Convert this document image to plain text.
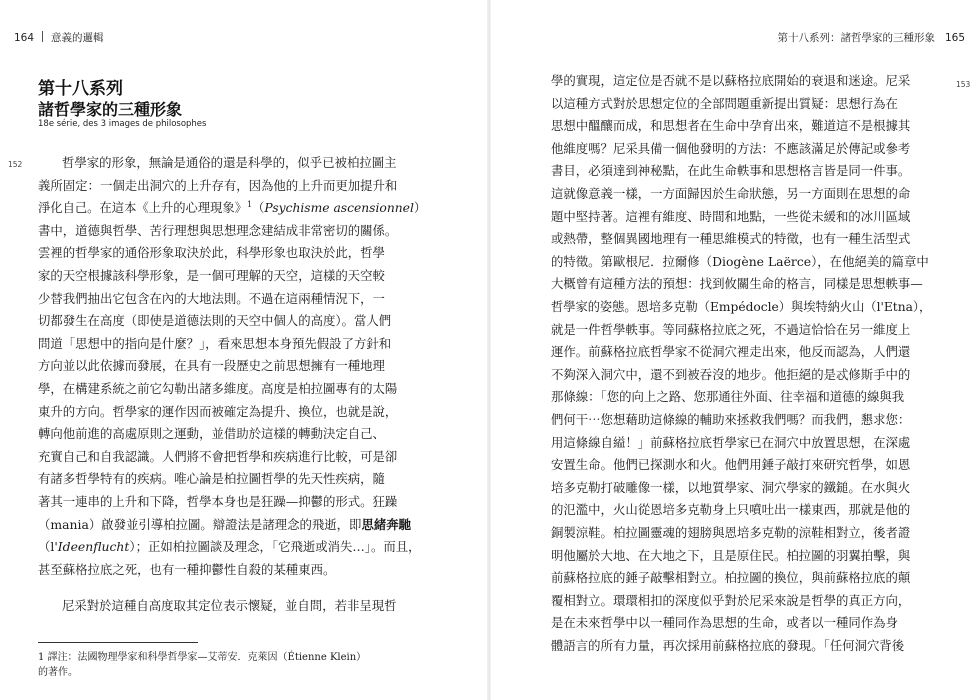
164 意義的邏輯
第十八系列
諸哲學家的三種形象
18e série, des 3 images de philosophes
152	哲學家的形象，無論是通俗的還是科學的，似乎已被柏拉圖主
義所固定：一個走出洞穴的上升存有，因為他的上升而更加提升和
淨化自己。在這本《上升的心理現象》$^1$（Psychisme ascensionnel）
書中，道德與哲學、苦行理想與思想理念建結成非常密切的關係。
雲裡的哲學家的通俗形象取決於此，科學形象也取決於此，哲學
家的天空根據該科學形象，是一個可理解的天空，這樣的天空較
少替我們抽出它包含在內的大地法則。不過在這兩種情況下，一
切都發生在高度（即使是道德法則的天空中個人的高度）。當人們
問道「思想中的指向是什麼？」，看來思想本身預先假設了方針和
方向並以此依據而發展，在具有一段歷史之前思想擁有一種地理
學，在構建系統之前它勾勒出諸多維度。高度是柏拉圖專有的太陽
東升的方向。哲學家的運作因而被確定為提升、換位，也就是說，
轉向他前進的高處原則之運動，並借助於這樣的轉動決定自己、
充實自己和自我認識。人們將不會把哲學和疾病進行比較，可是卻
有諸多哲學特有的疾病。唯心論是柏拉圖哲學的先天性疾病，隨
著其一連串的上升和下降，哲學本身也是狂躁—抑鬱的形式。狂躁
（mania）啟發並引導柏拉圖。辯證法是諸理念的飛逝，即思緒奔馳
（l'Ideenflucht）；正如柏拉圖談及理念，「它飛逝或消失…」。而且，
甚至蘇格拉底之死，也有一種抑鬱性自殺的某種東西。
尼采對於這種自高度取其定位表示懷疑，並自問，若非呈現哲
1 譯注：法國物理學家和科學哲學家—艾蒂安．克萊因（Étienne Klein）
的著作。
第十八系列：諸哲學家的三種形象 165
153
學的實現，這定位是否就不是以蘇格拉底開始的衰退和迷途。尼采
以這種方式對於思想定位的全部問題重新提出質疑：思想行為在
思想中醞釀而成，和思想者在生命中孕育出來，難道這不是根據其
他維度嗎？尼采具備一個他發明的方法：不應該滿足於傳記或參考
書目，必須達到神秘點，在此生命軼事和思想格言皆是同一件事。
這就像意義一樣，一方面歸因於生命狀態，另一方面則在思想的命
題中堅持著。這裡有維度、時間和地點，一些從未緩和的冰川區域
或熱帶，整個異國地理有一種思維模式的特徵，也有一種生活型式
的特徵。第歐根尼．拉爾修（Diogène Laërce），在他絕美的篇章中
大概曾有這種方法的預想：找到攸關生命的格言，同樣是思想軼事—
哲學家的姿態。恩培多克勒（Empédocle）與埃特納火山（l'Etna），
就是一件哲學軼事。等同蘇格拉底之死，不過這恰恰在另一維度上
運作。前蘇格拉底哲學家不從洞穴裡走出來，他反而認為，人們還
不夠深入洞穴中，還不到被吞沒的地步。他拒絕的是忒修斯手中的
那條線：「您的向上之路、您那通往外面、往幸福和道德的線與我
們何干⋯您想藉助這條線的輔助來拯救我們嗎？而我們，懇求您：
用這條線自縊！」前蘇格拉底哲學家已在洞穴中放置思想，在深處
安置生命。他們已探測水和火。他們用錘子敲打來研究哲學，如恩
培多克勒打破雕像一樣，以地質學家、洞穴學家的鐵鎚。在水與火
的氾濫中，火山從恩培多克勒身上只噴吐出一樣東西，那就是他的
銅製涼鞋。柏拉圖靈魂的翅膀與恩培多克勒的涼鞋相對立，後者證
明他屬於大地、在大地之下，且是原住民。柏拉圖的羽翼拍擊，與
前蘇格拉底的錘子敲擊相對立。柏拉圖的換位，與前蘇格拉底的顛
覆相對立。環環相扣的深度似乎對於尼采來說是哲學的真正方向，
是在未來哲學中以一種同作為思想的生命，或者以一種同作為身
體語言的所有力量，再次採用前蘇格拉底的發現。「任何洞穴背後
